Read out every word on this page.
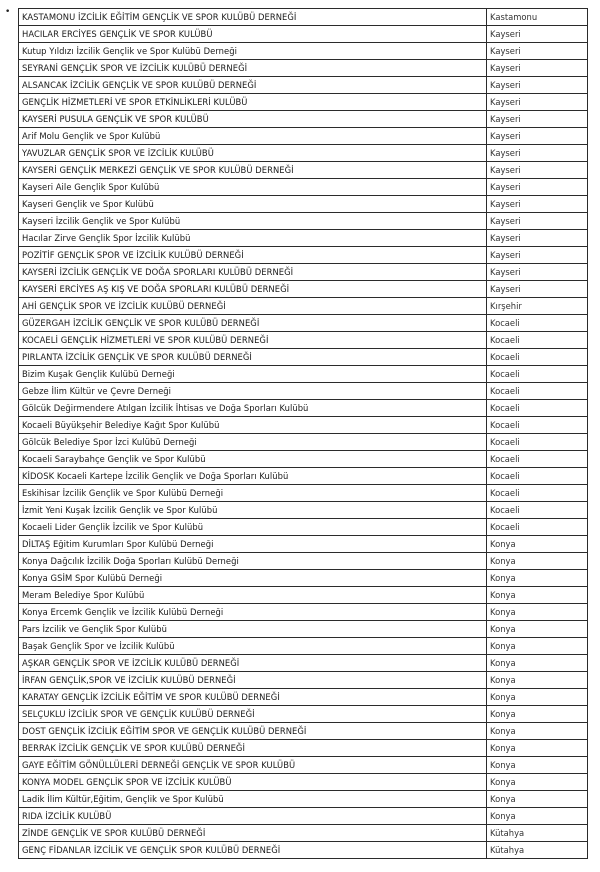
• KASTAMONU İZCİLİK EĞİTİM GENÇLİK VE SPOR KULÜBÜ DERNEĞİ	Kastamonu
HACILAR ERCİYES GENÇLİK VE SPOR KULÜBÜ	Kayseri
Kutup Yıldızı İzcilik Gençlik ve Spor Kulübü Derneği	Kayseri
SEYRANİ GENÇLİK SPOR VE İZCİLİK KULÜBÜ DERNEĞİ	Kayseri
ALSANCAK İZCİLİK GENÇLİK VE SPOR KULÜBÜ DERNEĞİ	Kayseri
GENÇLİK HİZMETLERİ VE SPOR ETKİNLİKLERİ KULÜBÜ	Kayseri
KAYSERİ PUSULA GENÇLİK VE SPOR KULÜBÜ	Kayseri
Arif Molu Gençlik ve Spor Kulübü	Kayseri
YAVUZLAR GENÇLİK SPOR VE İZCİLİK KULÜBÜ	Kayseri
KAYSERİ GENÇLİK MERKEZİ GENÇLİK VE SPOR KULÜBÜ DERNEĞİ	Kayseri
Kayseri Aile Gençlik Spor Kulübü	Kayseri
Kayseri Gençlik ve Spor Kulübü	Kayseri
Kayseri İzcilik Gençlik ve Spor Kulübü	Kayseri
Hacılar Zirve Gençlik Spor İzcilik Kulübü	Kayseri
POZİTİF GENÇLİK SPOR VE İZCİLİK KULÜBÜ DERNEĞİ	Kayseri
KAYSERİ İZCİLİK GENÇLİK VE DOĞA SPORLARI KULÜBÜ DERNEĞİ	Kayseri
KAYSERİ ERCİYES AŞ KIŞ VE DOĞA SPORLARI KULÜBÜ DERNEĞİ	Kayseri
AHİ GENÇLİK SPOR VE İZCİLİK KULÜBÜ DERNEĞİ	Kırşehir
GÜZERGAH İZCİLİK GENÇLİK VE SPOR KULÜBÜ DERNEĞİ	Kocaeli
KOCAELİ GENÇLİK HİZMETLERİ VE SPOR KULÜBÜ DERNEĞİ	Kocaeli
PIRLANTA İZCİLİK GENÇLİK VE SPOR KULÜBÜ DERNEĞİ	Kocaeli
Bizim Kuşak Gençlik Kulübü Derneği	Kocaeli
Gebze İlim Kültür ve Çevre Derneği	Kocaeli
Gölcük Değirmendere Atılgan İzcilik İhtisas ve Doğa Sporları Kulübü	Kocaeli
Kocaeli Büyükşehir Belediye Kağıt Spor Kulübü	Kocaeli
Gölcük Belediye Spor İzci Kulübü Derneği	Kocaeli
Kocaeli Saraybahçe Gençlik ve Spor Kulübü	Kocaeli
KİDOSK Kocaeli Kartepe İzcilik Gençlik ve Doğa Sporları Kulübü	Kocaeli
Eskihisar İzcilik Gençlik ve Spor Kulübü Derneği	Kocaeli
İzmit Yeni Kuşak İzcilik Gençlik ve Spor Kulübü	Kocaeli
Kocaeli Lider Gençlik İzcilik ve Spor Kulübü	Kocaeli
DİLTAŞ Eğitim Kurumları Spor Kulübü Derneği	Konya
Konya Dağcılık İzcilik Doğa Sporları Kulübü Derneği	Konya
Konya GSİM Spor Kulübü Derneği	Konya
Meram Belediye Spor Kulübü	Konya
Konya Ercemk Gençlik ve İzcilik Kulübü Derneği	Konya
Pars İzcilik ve Gençlik Spor Kulübü	Konya
Başak Gençlik Spor ve İzcilik Kulübü	Konya
AŞKAR GENÇLİK SPOR VE İZCİLİK KULÜBÜ DERNEĞİ	Konya
İRFAN GENÇLİK,SPOR VE İZCİLİK KULÜBÜ DERNEĞİ	Konya
KARATAY GENÇLİK İZCİLİK EĞİTİM VE SPOR KULÜBÜ DERNEĞİ	Konya
SELÇUKLU İZCİLİK SPOR VE GENÇLİK KULÜBÜ DERNEĞİ	Konya
DOST GENÇLİK İZCİLİK EĞİTİM SPOR VE GENÇLİK KULÜBÜ DERNEĞİ	Konya
BERRAK İZCİLİK GENÇLİK VE SPOR KULÜBÜ DERNEĞİ	Konya
GAYE EĞİTİM GÖNÜLLÜLERİ DERNEĞİ GENÇLİK VE SPOR KULÜBÜ	Konya
KONYA MODEL GENÇLİK SPOR VE İZCİLİK KULÜBÜ	Konya
Ladik İlim Kültür,Eğitim, Gençlik ve Spor Kulübü	Konya
RIDA İZCİLİK KULÜBÜ	Konya
ZİNDE GENÇLİK VE SPOR KULÜBÜ DERNEĞİ	Kütahya
GENÇ FİDANLAR İZCİLİK VE GENÇLİK SPOR KULÜBÜ DERNEĞİ	Kütahya
